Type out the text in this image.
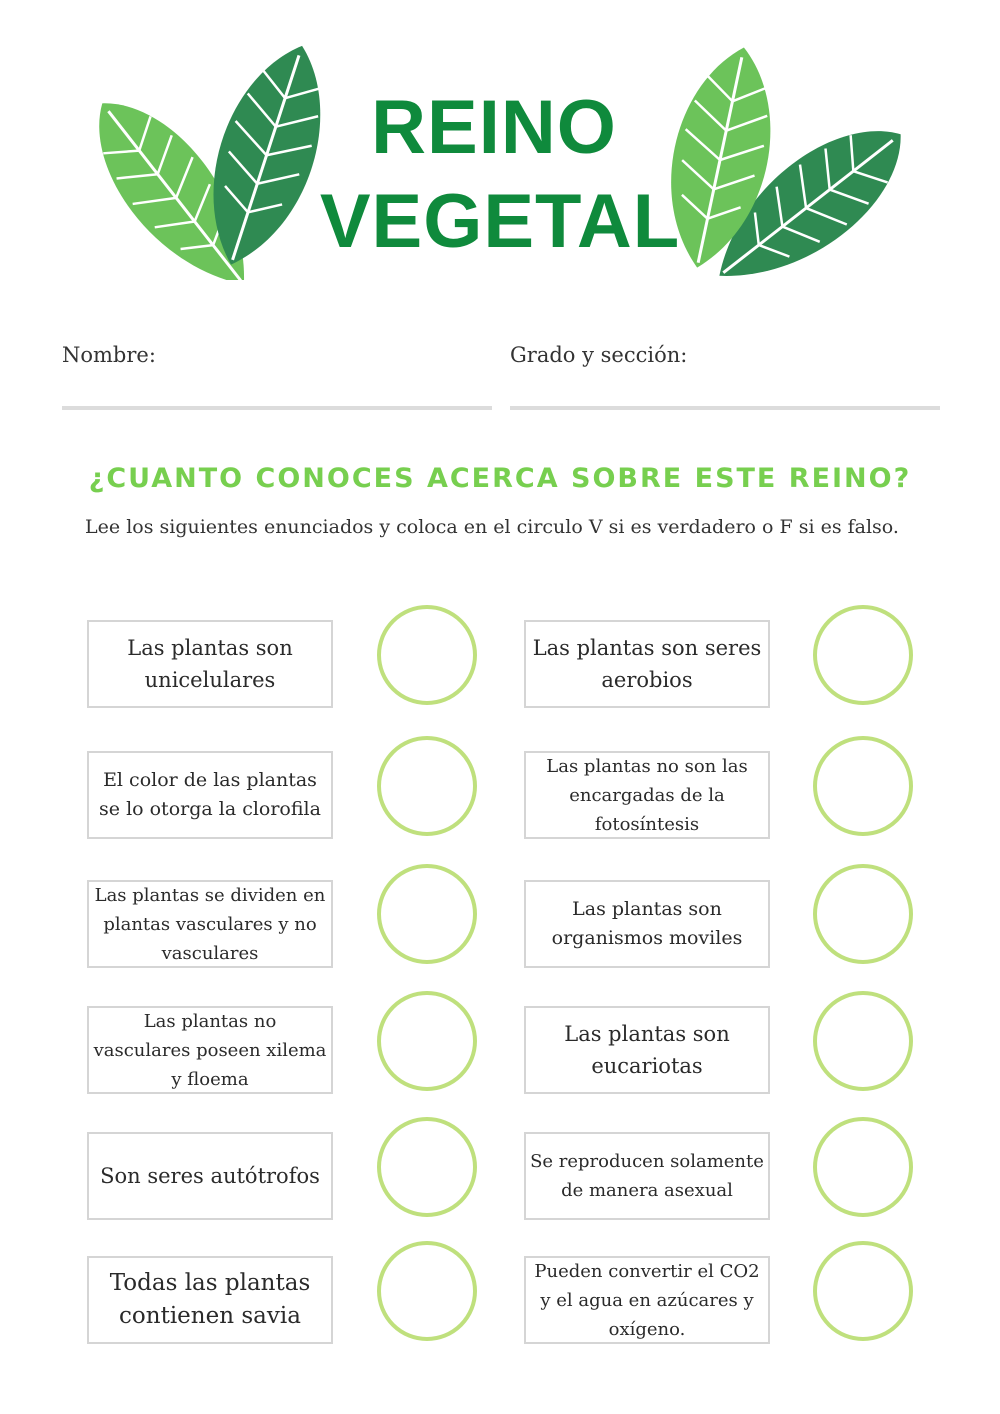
REINO
VEGETAL
Nombre:	Grado y sección:
¿CUANTO CONOCES ACERCA SOBRE ESTE REINO?
Lee los siguientes enunciados y coloca en el circulo V si es verdadero o F si es falso.
Las plantas son unicelulares
El color de las plantas se lo otorga la clorofila
Las plantas se dividen en plantas vasculares y no vasculares
Las plantas no vasculares poseen xilema y floema
Son seres autótrofos
Todas las plantas contienen savia
Las plantas son seres aerobios
Las plantas no son las encargadas de la fotosíntesis
Las plantas son organismos moviles
Las plantas son eucariotas
Se reproducen solamente de manera asexual
Pueden convertir el CO2 y el agua en azúcares y oxígeno.
